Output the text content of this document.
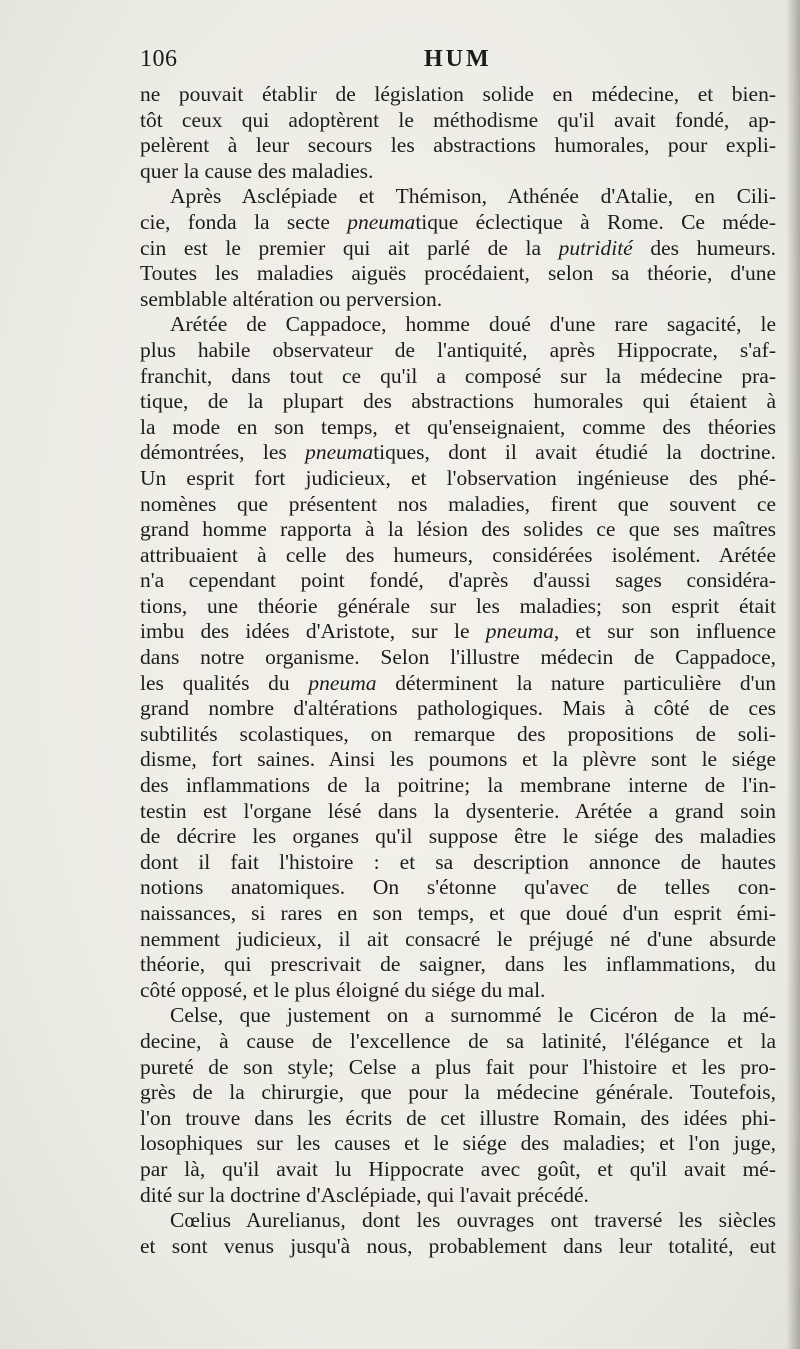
106	HUM
ne pouvait établir de législation solide en médecine, et bien-
tôt ceux qui adoptèrent le méthodisme qu'il avait fondé, ap-
pelèrent à leur secours les abstractions humorales, pour expli-
quer la cause des maladies.
Après Asclépiade et Thémison, Athénée d'Atalie, en Cili-
cie, fonda la secte pneumatique éclectique à Rome. Ce méde-
cin est le premier qui ait parlé de la putridité des humeurs.
Toutes les maladies aiguës procédaient, selon sa théorie, d'une
semblable altération ou perversion.
Arétée de Cappadoce, homme doué d'une rare sagacité, le
plus habile observateur de l'antiquité, après Hippocrate, s'af-
franchit, dans tout ce qu'il a composé sur la médecine pra-
tique, de la plupart des abstractions humorales qui étaient à
la mode en son temps, et qu'enseignaient, comme des théories
démontrées, les pneumatiques, dont il avait étudié la doctrine.
Un esprit fort judicieux, et l'observation ingénieuse des phé-
nomènes que présentent nos maladies, firent que souvent ce
grand homme rapporta à la lésion des solides ce que ses maîtres
attribuaient à celle des humeurs, considérées isolément. Arétée
n'a cependant point fondé, d'après d'aussi sages considéra-
tions, une théorie générale sur les maladies; son esprit était
imbu des idées d'Aristote, sur le pneuma, et sur son influence
dans notre organisme. Selon l'illustre médecin de Cappadoce,
les qualités du pneuma déterminent la nature particulière d'un
grand nombre d'altérations pathologiques. Mais à côté de ces
subtilités scolastiques, on remarque des propositions de soli-
disme, fort saines. Ainsi les poumons et la plèvre sont le siége
des inflammations de la poitrine; la membrane interne de l'in-
testin est l'organe lésé dans la dysenterie. Arétée a grand soin
de décrire les organes qu'il suppose être le siége des maladies
dont il fait l'histoire : et sa description annonce de hautes
notions anatomiques. On s'étonne qu'avec de telles con-
naissances, si rares en son temps, et que doué d'un esprit émi-
nemment judicieux, il ait consacré le préjugé né d'une absurde
théorie, qui prescrivait de saigner, dans les inflammations, du
côté opposé, et le plus éloigné du siége du mal.
Celse, que justement on a surnommé le Cicéron de la mé-
decine, à cause de l'excellence de sa latinité, l'élégance et la
pureté de son style; Celse a plus fait pour l'histoire et les pro-
grès de la chirurgie, que pour la médecine générale. Toutefois,
l'on trouve dans les écrits de cet illustre Romain, des idées phi-
losophiques sur les causes et le siége des maladies; et l'on juge,
par là, qu'il avait lu Hippocrate avec goût, et qu'il avait mé-
dité sur la doctrine d'Asclépiade, qui l'avait précédé.
Cœlius Aurelianus, dont les ouvrages ont traversé les siècles
et sont venus jusqu'à nous, probablement dans leur totalité, eut
